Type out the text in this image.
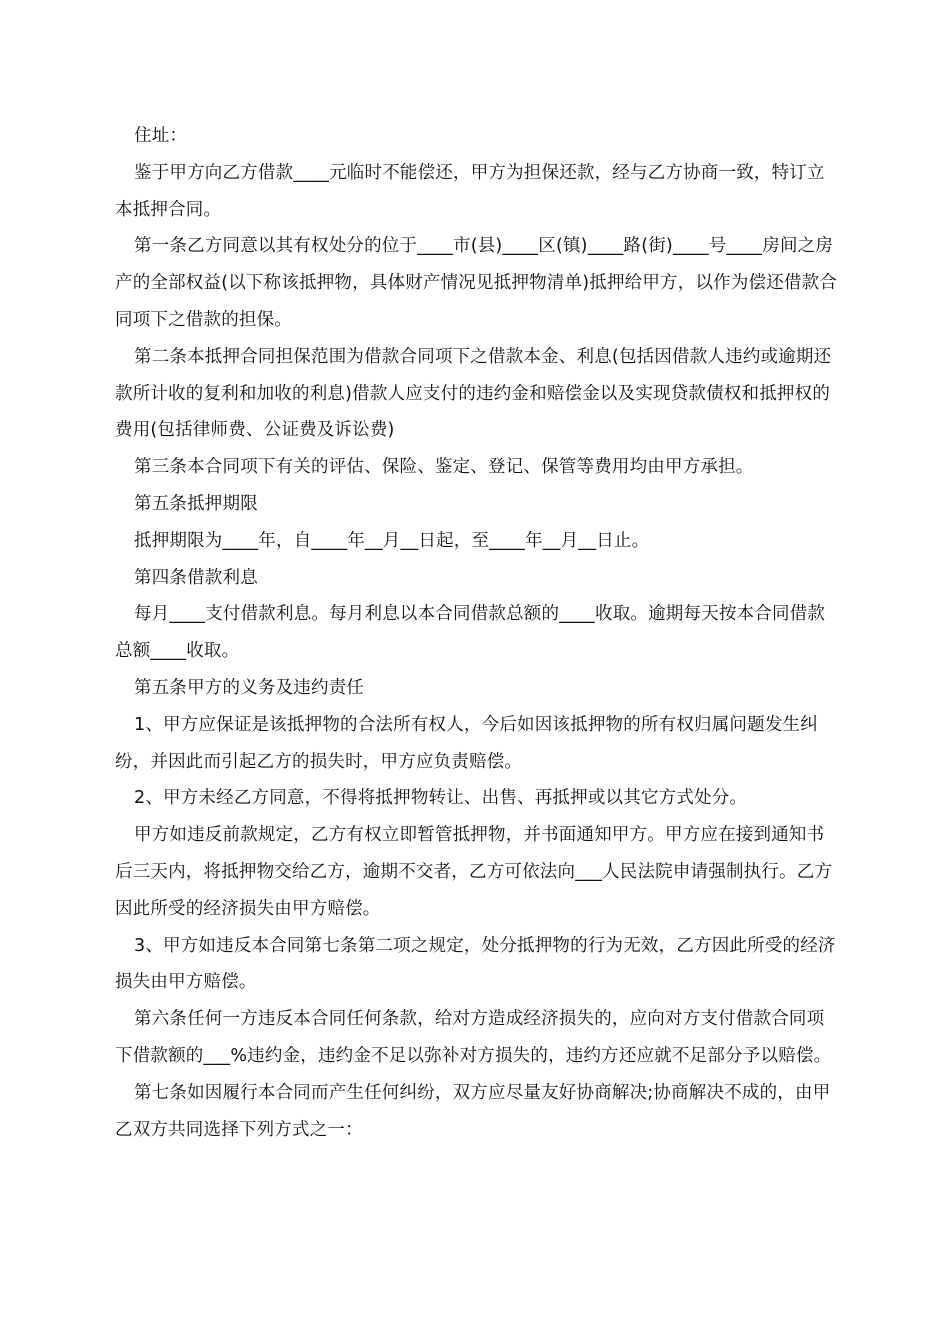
住址：

鉴于甲方向乙方借款____元临时不能偿还，甲方为担保还款，经与乙方协商一致，特订立本抵押合同。

第一条乙方同意以其有权处分的位于____市(县)____区(镇)____路(街)____号____房间之房产的全部权益(以下称该抵押物，具体财产情况见抵押物清单)抵押给甲方，以作为偿还借款合同项下之借款的担保。

第二条本抵押合同担保范围为借款合同项下之借款本金、利息(包括因借款人违约或逾期还款所计收的复利和加收的利息)借款人应支付的违约金和赔偿金以及实现贷款债权和抵押权的费用(包括律师费、公证费及诉讼费)

第三条本合同项下有关的评估、保险、鉴定、登记、保管等费用均由甲方承担。

第五条抵押期限

抵押期限为____年，自____年__月__日起，至____年__月__日止。

第四条借款利息

每月____支付借款利息。每月利息以本合同借款总额的____收取。逾期每天按本合同借款总额____收取。

第五条甲方的义务及违约责任

1、甲方应保证是该抵押物的合法所有权人，今后如因该抵押物的所有权归属问题发生纠纷，并因此而引起乙方的损失时，甲方应负责赔偿。

2、甲方未经乙方同意，不得将抵押物转让、出售、再抵押或以其它方式处分。

甲方如违反前款规定，乙方有权立即暂管抵押物，并书面通知甲方。甲方应在接到通知书后三天内，将抵押物交给乙方，逾期不交者，乙方可依法向___人民法院申请强制执行。乙方因此所受的经济损失由甲方赔偿。

3、甲方如违反本合同第七条第二项之规定，处分抵押物的行为无效，乙方因此所受的经济损失由甲方赔偿。

第六条任何一方违反本合同任何条款，给对方造成经济损失的，应向对方支付借款合同项下借款额的___%违约金，违约金不足以弥补对方损失的，违约方还应就不足部分予以赔偿。

第七条如因履行本合同而产生任何纠纷，双方应尽量友好协商解决;协商解决不成的，由甲乙双方共同选择下列方式之一：
